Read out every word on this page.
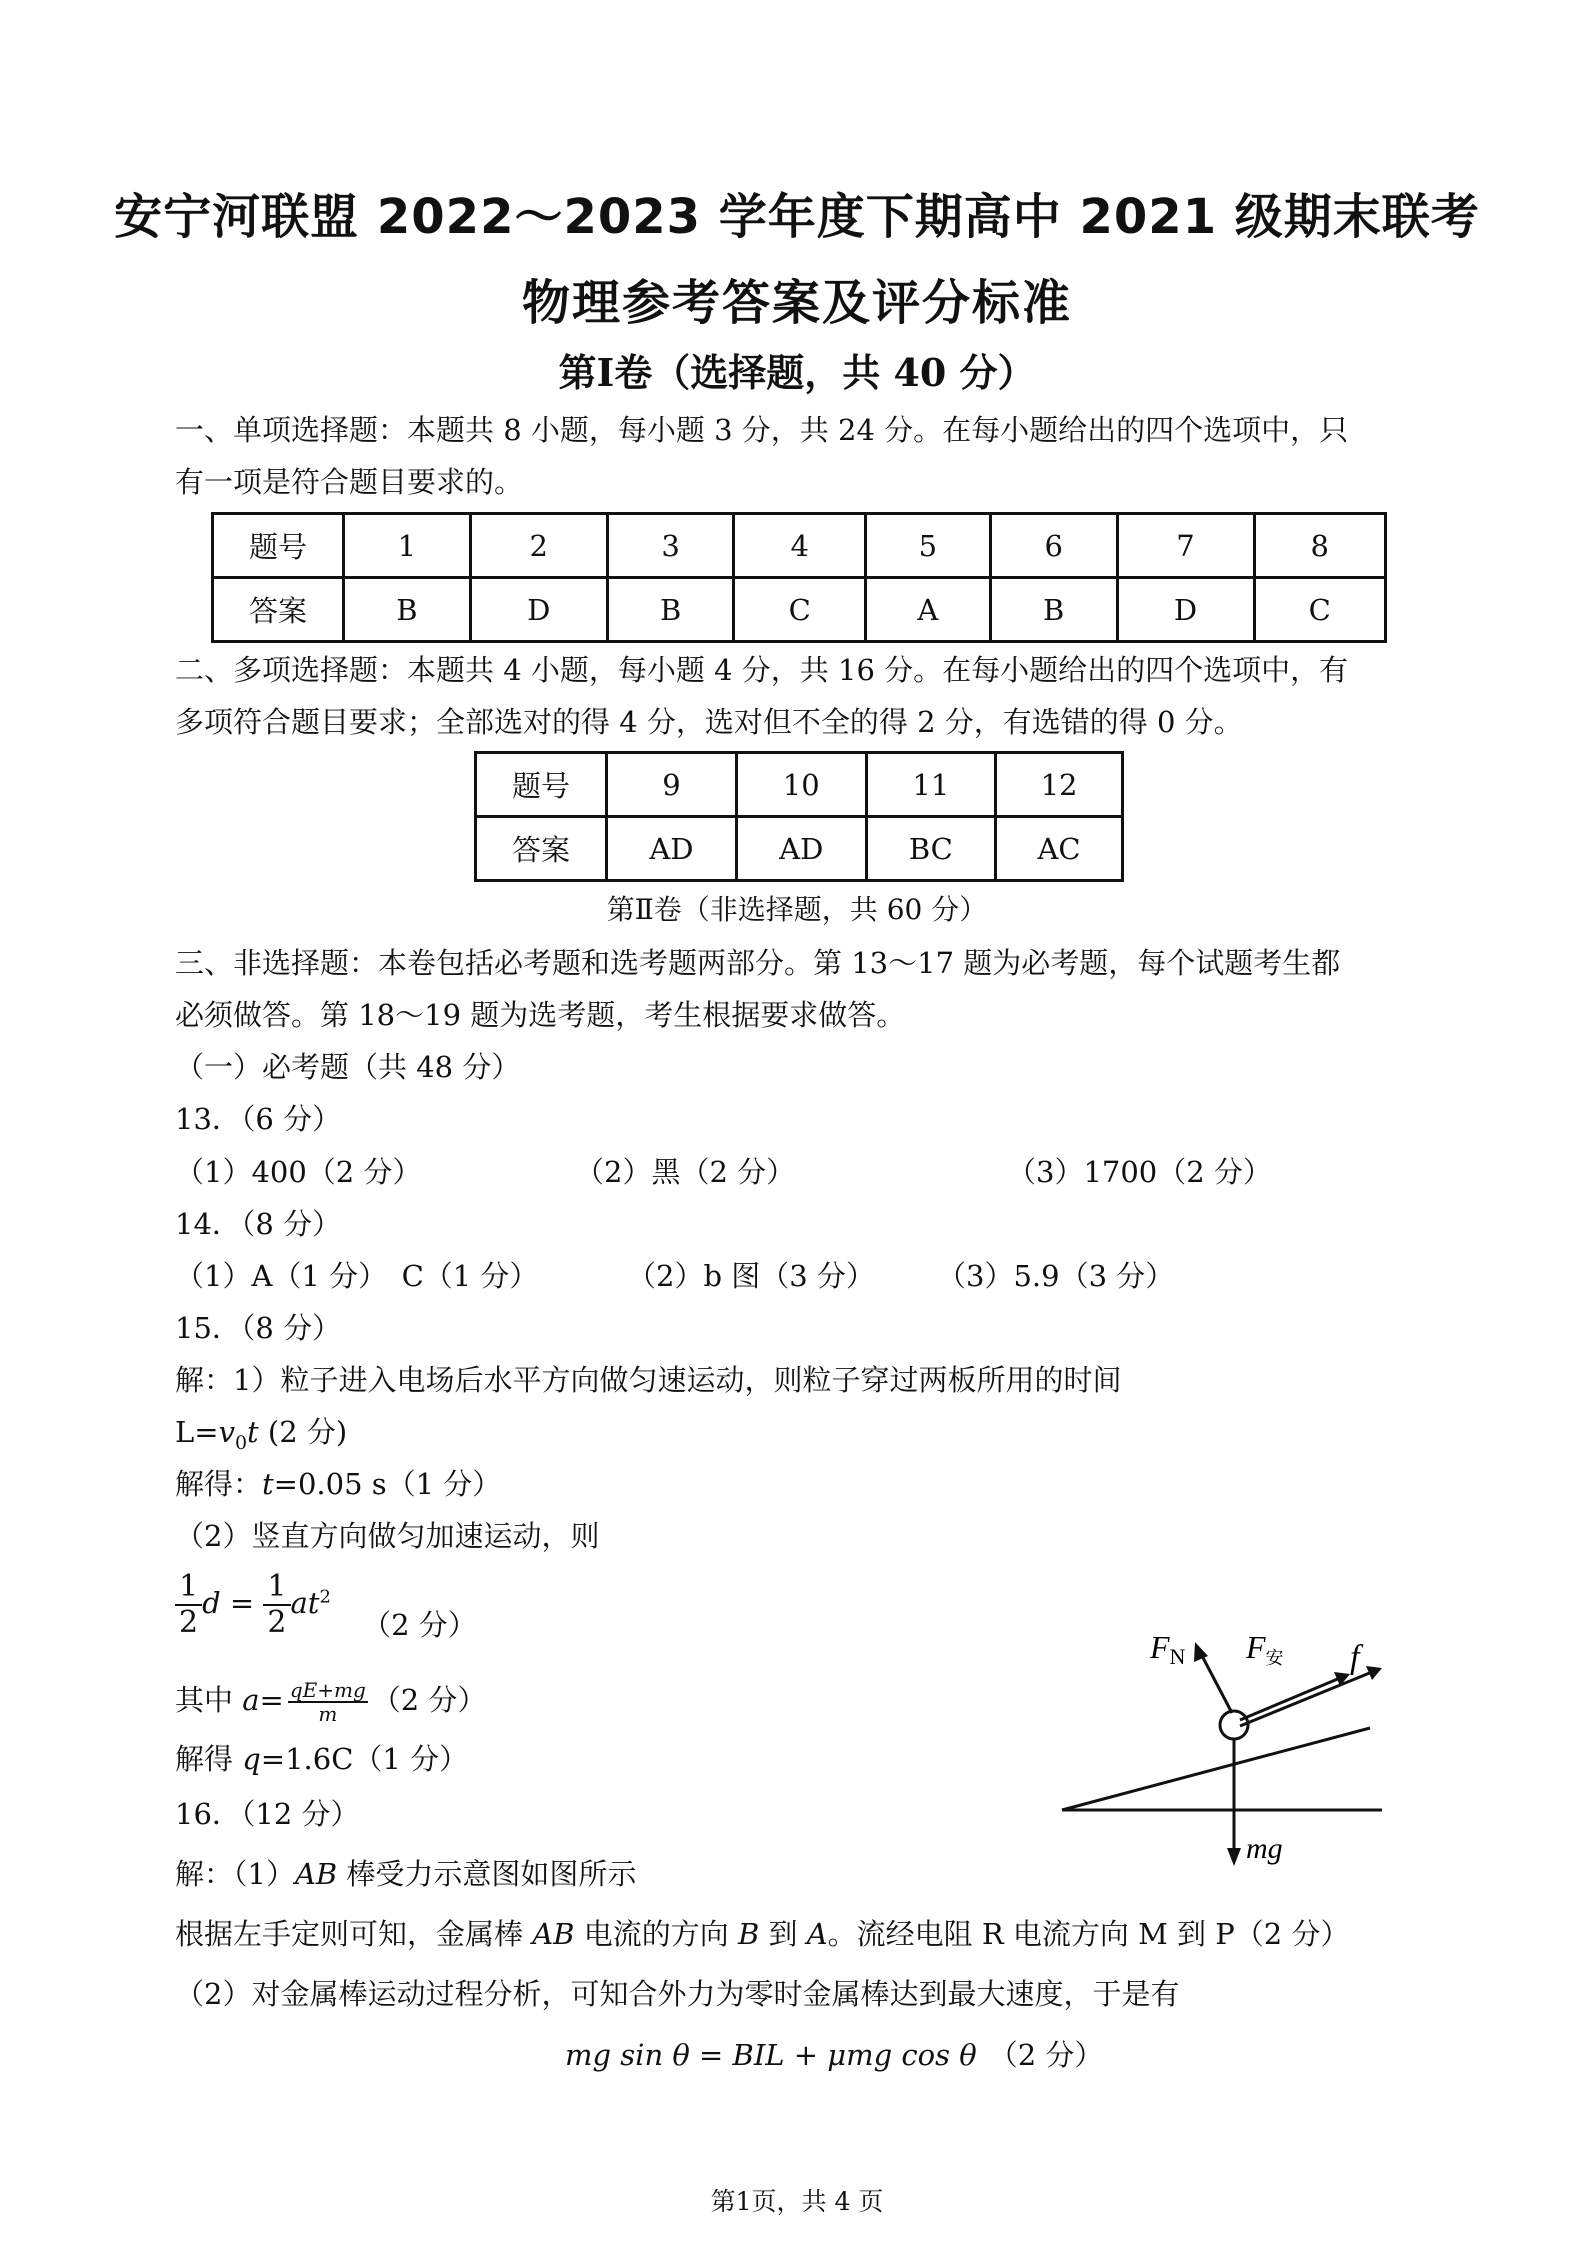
安宁河联盟 2022～2023 学年度下期高中 2021 级期末联考
物理参考答案及评分标准
第Ⅰ卷（选择题，共 40 分）
一、单项选择题：本题共 8 小题，每小题 3 分，共 24 分。在每小题给出的四个选项中，只
有一项是符合题目要求的。
题号	1	2	3	4	5	6	7	8
答案	B	D	B	C	A	B	D	C
二、多项选择题：本题共 4 小题，每小题 4 分，共 16 分。在每小题给出的四个选项中，有
多项符合题目要求；全部选对的得 4 分，选对但不全的得 2 分，有选错的得 0 分。
题号	9	10	11	12
答案	AD	AD	BC	AC
第Ⅱ卷（非选择题，共 60 分）
三、非选择题：本卷包括必考题和选考题两部分。第 13～17 题为必考题，每个试题考生都
必须做答。第 18～19 题为选考题，考生根据要求做答。
（一）必考题（共 48 分）
13．（6 分）
（1）400（2 分）	（2）黑（2 分）	（3）1700（2 分）
14．（8 分）
（1）A（1 分）　C（1 分）	（2）b 图（3 分） （3）5.9（3 分）
15．（8 分）
解：1）粒子进入电场后水平方向做匀速运动，则粒子穿过两板所用的时间
$L=v_0t$ (2 分)
解得：t=0.05 s（1 分）
（2）竖直方向做匀加速运动，则
$\frac{1}{2}$ $d = \frac{1}{2} at^2$ （2 分）
其中 $a= \frac{qE+mg}{m} (2$ 分）
解得 q=1.6C（1 分）
16．（12 分）
解：（1）AB 棒受力示意图如图所示
根据左手定则可知，金属棒 AB 电流的方向 B 到 A。流经电阻 R 电流方向 M 到 P（2 分）
（2）对金属棒运动过程分析，可知合外力为零时金属棒达到最大速度，于是有
mg sin θ = BIL + μmg cos θ （2 分）
FN F安 f
mg
第1页，共 4 页
